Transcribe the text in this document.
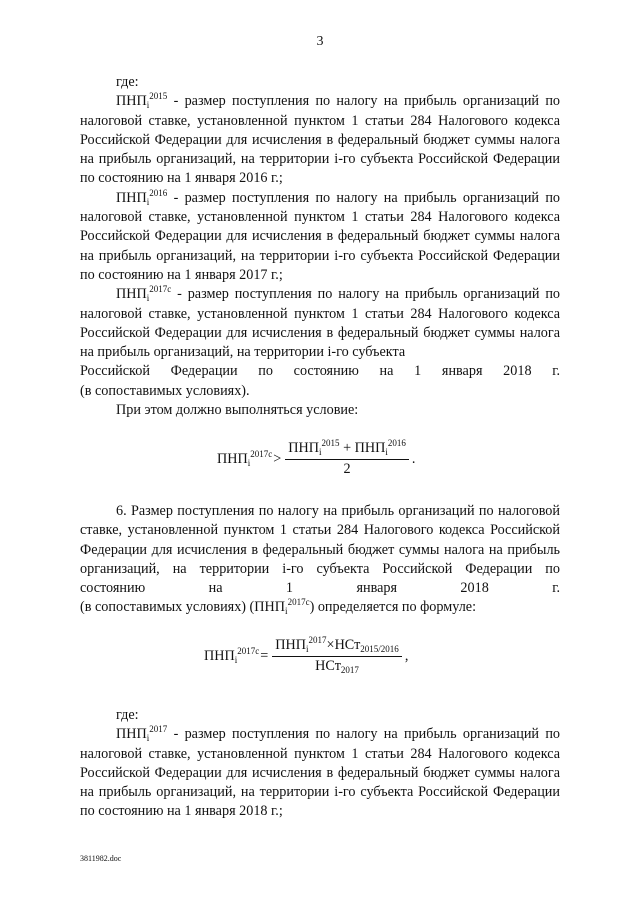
3

где:

$ПНП_i^{2015}$ - размер поступления по налогу на прибыль организаций по налоговой ставке, установленной пунктом 1 статьи 284 Налогового кодекса Российской Федерации для исчисления в федеральный бюджет суммы налога на прибыль организаций, на территории i-го субъекта Российской Федерации по состоянию на 1 января 2016 г.;

$ПНП_i^{2016}$ - размер поступления по налогу на прибыль организаций по налоговой ставке, установленной пунктом 1 статьи 284 Налогового кодекса Российской Федерации для исчисления в федеральный бюджет суммы налога на прибыль организаций, на территории i-го субъекта Российской Федерации по состоянию на 1 января 2017 г.;

$ПНП_i^{2017с}$ - размер поступления по налогу на прибыль организаций по налоговой ставке, установленной пунктом 1 статьи 284 Налогового кодекса Российской Федерации для исчисления в федеральный бюджет суммы налога на прибыль организаций, на территории i-го субъекта

Российской Федерации по состоянию на 1 января 2018 г.

(в сопоставимых условиях).

При этом должно выполняться условие:

$ПНП_i^{2017с} > \frac{ПНП_i^{2015} + ПНП_i^{2016}}{2}$ .

6. Размер поступления по налогу на прибыль организаций по налоговой ставке, установленной пунктом 1 статьи 284 Налогового кодекса Российской Федерации для исчисления в федеральный бюджет суммы налога на прибыль организаций, на территории i-го субъекта Российской Федерации по состоянию на 1 января 2018 г.

(в сопоставимых условиях) $(ПНП_i^{2017с})$ определяется по формуле:

$ПНП_i^{2017с} = \frac{ПНП_i^{2017}\times НСт_{2015/2016}}{НСт_{2017}}$ ,

где:

$ПНП_i^{2017}$ - размер поступления по налогу на прибыль организаций по налоговой ставке, установленной пунктом 1 статьи 284 Налогового кодекса Российской Федерации для исчисления в федеральный бюджет суммы налога на прибыль организаций, на территории i-го субъекта Российской Федерации по состоянию на 1 января 2018 г.;

3811982.doc
